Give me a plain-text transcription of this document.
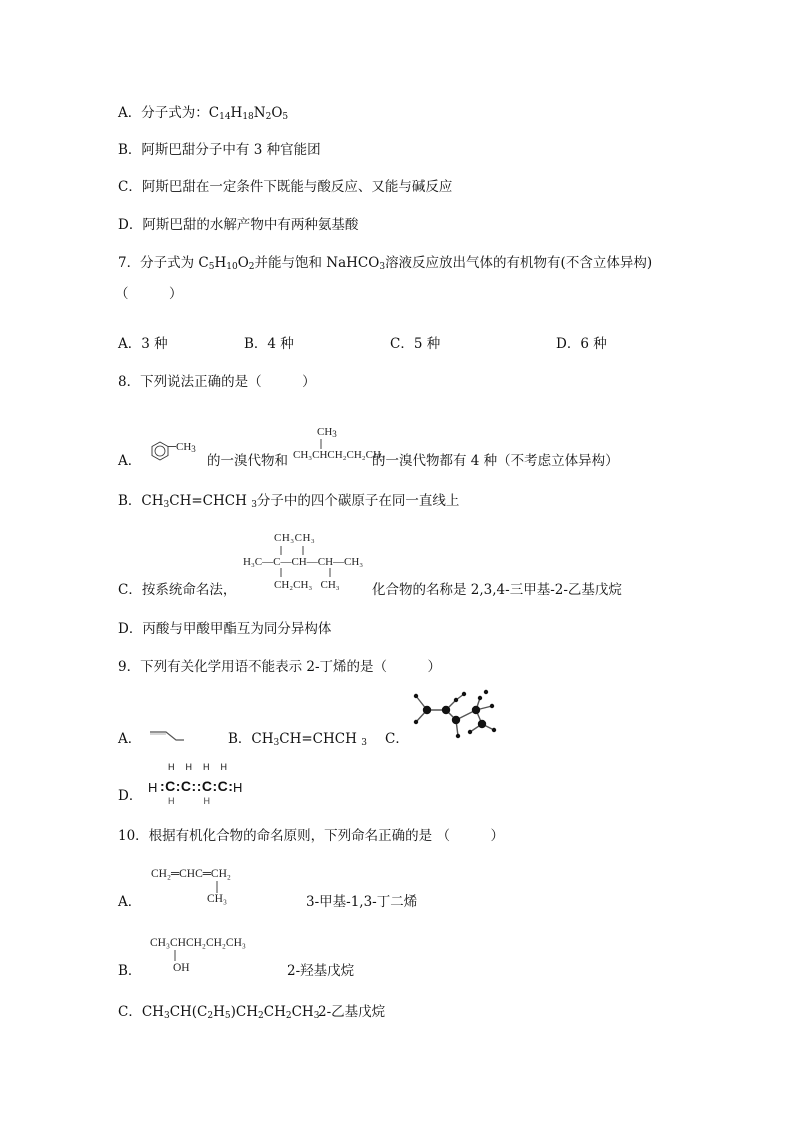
A．分子式为：$C_{14}H_{18}N_2O_5$
B．阿斯巴甜分子中有 3 种官能团
C．阿斯巴甜在一定条件下既能与酸反应、又能与碱反应
D．阿斯巴甜的水解产物中有两种氨基酸
7．分子式为 $C_5H_{10}O_2$并能与饱和 NaHCO$_3$溶液反应放出气体的有机物有(不含立体异构)
（　　　）
A．3 种	B．4 种	C．5 种	D．6 种
8．下列说法正确的是（　　　）
A．
$CH_3$
的一溴代物和
$CH_3$
CH₃CHCH₂CH₂CH₃
的一溴代物都有 4 种（不考虑立体异构）
B．$CH_3CH=CHCH$ $_3$分子中的四个碳原子在同一直线上
CH₃CH₃
H₃C—C—CH—CH—CH₃
CH₂CH₃   CH₃
C．按系统命名法，	化合物的名称是 2,3,4-三甲基-2-乙基戊烷
D．丙酸与甲酸甲酯互为同分异构体
9．下列有关化学用语不能表示 2-丁烯的是（　　　）
A．	B．$CH_3CH=CHCH$ $_3$ C．
D．
H  H  H  H
H :C:C::C:C: H
H      H
10．根据有机化合物的命名原则，下列命名正确的是 （　　　）
CH₂═CHC═CH₂
CH₃
A．	3-甲基-1,3-丁二烯
CH₃CHCH₂CH₂CH₃
OH
B．	2-羟基戊烷
C．$CH_3CH(C_2H_5)CH_2CH_2CH_3$
2-乙基戊烷
